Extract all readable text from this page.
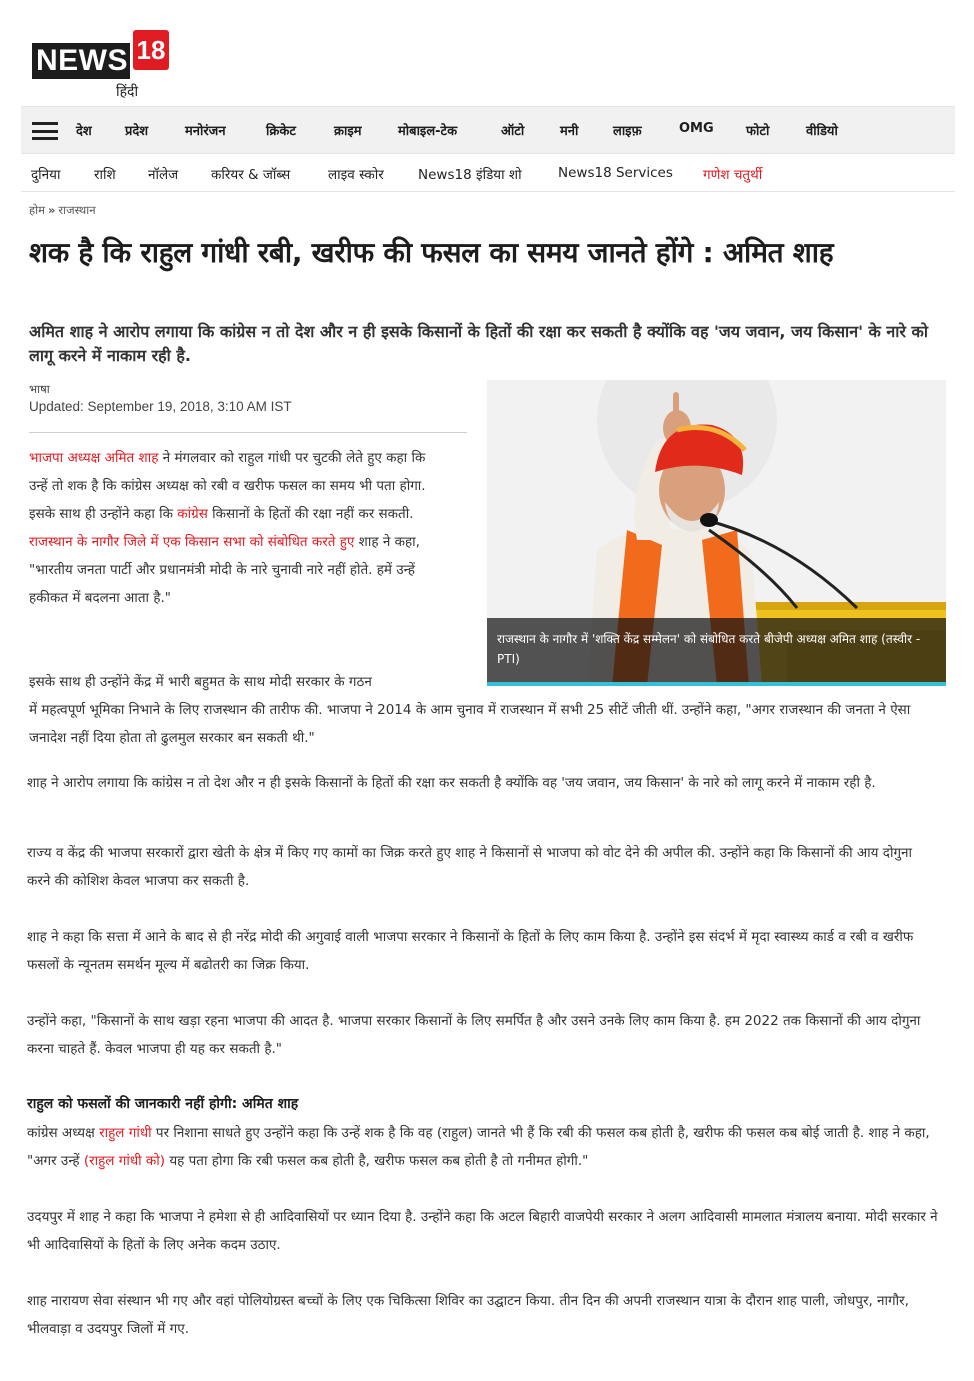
NEWS 18
हिंदी
देश	प्रदेश	मनोरंजन	क्रिकेट	क्राइम	मोबाइल-टेक	ऑटो	मनी	लाइफ़	OMG फोटो	वीडियो
दुनिया राशि नॉलेज करियर & जॉब्स	लाइव स्कोर	News18 इंडिया शो	News18 Services गणेश चतुर्थी
होम » राजस्थान
शक है कि राहुल गांधी रबी, खरीफ की फसल का समय जानते होंगे : अमित शाह
अमित शाह ने आरोप लगाया कि कांग्रेस न तो देश और न ही इसके किसानों के हितों की रक्षा कर सकती है क्योंकि वह 'जय जवान, जय किसान' के नारे को लागू करने में नाकाम रही है.
भाषा
Updated: September 19, 2018, 3:10 AM IST
राजस्थान के नागौर में 'शक्ति केंद्र सम्मेलन' को संबोधित करते बीजेपी अध्यक्ष अमित शाह (तस्वीर - PTI)

भाजपा अध्यक्ष अमित शाह ने मंगलवार को राहुल गांधी पर चुटकी लेते हुए कहा कि उन्हें तो शक है कि कांग्रेस अध्यक्ष को रबी व खरीफ फसल का समय भी पता होगा. इसके साथ ही उन्होंने कहा कि कांग्रेस किसानों के हितों की रक्षा नहीं कर सकती. राजस्थान के नागौर जिले में एक किसान सभा को संबोधित करते हुए शाह ने कहा, "भारतीय जनता पार्टी और प्रधानमंत्री मोदी के नारे चुनावी नारे नहीं होते. हमें उन्हें हकीकत में बदलना आता है."

इसके साथ ही उन्होंने केंद्र में भारी बहुमत के साथ मोदी सरकार के गठन

में महत्वपूर्ण भूमिका निभाने के लिए राजस्थान की तारीफ की. भाजपा ने 2014 के आम चुनाव में राजस्थान में सभी 25 सीटें जीती थीं. उन्होंने कहा, "अगर राजस्थान की जनता ने ऐसा जनादेश नहीं दिया होता तो ढुलमुल सरकार बन सकती थी."

शाह ने आरोप लगाया कि कांग्रेस न तो देश और न ही इसके किसानों के हितों की रक्षा कर सकती है क्योंकि वह 'जय जवान, जय किसान' के नारे को लागू करने में नाकाम रही है.

राज्य व केंद्र की भाजपा सरकारों द्वारा खेती के क्षेत्र में किए गए कामों का जिक्र करते हुए शाह ने किसानों से भाजपा को वोट देने की अपील की. उन्होंने कहा कि किसानों की आय दोगुना करने की कोशिश केवल भाजपा कर सकती है.

शाह ने कहा कि सत्ता में आने के बाद से ही नरेंद्र मोदी की अगुवाई वाली भाजपा सरकार ने किसानों के हितों के लिए काम किया है. उन्होंने इस संदर्भ में मृदा स्वास्थ्य कार्ड व रबी व खरीफ फसलों के न्यूनतम समर्थन मूल्य में बढोतरी का जिक्र किया.

उन्होंने कहा, "किसानों के साथ खड़ा रहना भाजपा की आदत है. भाजपा सरकार किसानों के लिए समर्पित है और उसने उनके लिए काम किया है. हम 2022 तक किसानों की आय दोगुना करना चाहते हैं. केवल भाजपा ही यह कर सकती है."

राहुल को फसलों की जानकारी नहीं होगी: अमित शाह

कांग्रेस अध्यक्ष राहुल गांधी पर निशाना साधते हुए उन्होंने कहा कि उन्हें शक है कि वह (राहुल) जानते भी हैं कि रबी की फसल कब होती है, खरीफ की फसल कब बोई जाती है. शाह ने कहा, "अगर उन्हें (राहुल गांधी को) यह पता होगा कि रबी फसल कब होती है, खरीफ फसल कब होती है तो गनीमत होगी."

उदयपुर में शाह ने कहा कि भाजपा ने हमेशा से ही आदिवासियों पर ध्यान दिया है. उन्होंने कहा कि अटल बिहारी वाजपेयी सरकार ने अलग आदिवासी मामलात मंत्रालय बनाया. मोदी सरकार ने भी आदिवासियों के हितों के लिए अनेक कदम उठाए.

शाह नारायण सेवा संस्थान भी गए और वहां पोलियोग्रस्त बच्चों के लिए एक चिकित्सा शिविर का उद्घाटन किया. तीन दिन की अपनी राजस्थान यात्रा के दौरान शाह पाली, जोधपुर, नागौर, भीलवाड़ा व उदयपुर जिलों में गए.
